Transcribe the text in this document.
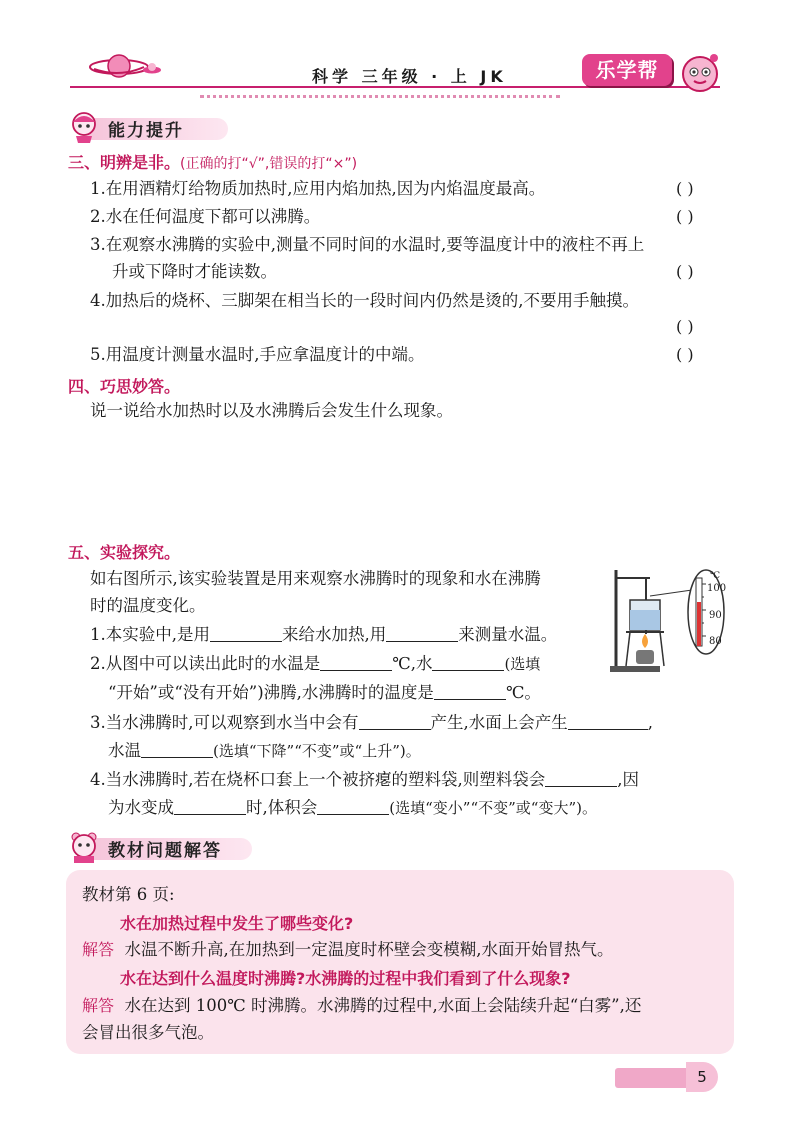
科学 三年级 · 上 JK	乐学帮
能力提升
三、明辨是非。(正确的打“√”,错误的打“×”)
1.在用酒精灯给物质加热时,应用内焰加热,因为内焰温度最高。	( )
2.水在任何温度下都可以沸腾。	( )
3.在观察水沸腾的实验中,测量不同时间的水温时,要等温度计中的液柱不再上
升或下降时才能读数。	( )
4.加热后的烧杯、三脚架在相当长的一段时间内仍然是烫的,不要用手触摸。
( )
5.用温度计测量水温时,手应拿温度计的中端。	( )
四、巧思妙答。
说一说给水加热时以及水沸腾后会发生什么现象。
五、实验探究。
如右图所示,该实验装置是用来观察水沸腾时的现象和水在沸腾
时的温度变化。
1.本实验中,是用	来给水加热,用	来测量水温。
2.从图中可以读出此时的水温是	℃,水	(选填
“开始”或“没有开始”)沸腾,水沸腾时的温度是	℃。
3.当水沸腾时,可以观察到水当中会有	产生,水面上会产生	,
水温	(选填“下降”“不变”或“上升”)。
4.当水沸腾时,若在烧杯口套上一个被挤瘪的塑料袋,则塑料袋会	,因
为水变成	时,体积会	(选填“变小”“不变”或“变大”)。
℃
100
90
80
教材问题解答
教材第 6 页:
水在加热过程中发生了哪些变化?
解答 水温不断升高,在加热到一定温度时杯壁会变模糊,水面开始冒热气。
水在达到什么温度时沸腾?水沸腾的过程中我们看到了什么现象?
解答 水在达到 100℃ 时沸腾。水沸腾的过程中,水面上会陆续升起“白雾”,还
会冒出很多气泡。
5
